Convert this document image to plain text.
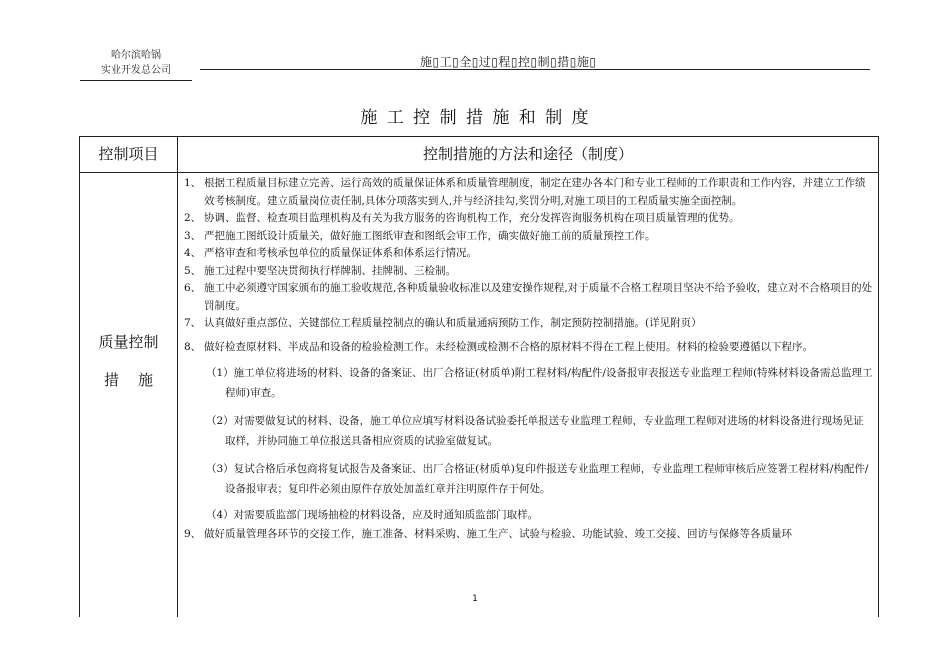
哈尔滨哈锅
实业开发总公司
施▯工▯全▯过▯程▯控▯制▯措▯施▯
施 工 控 制 措 施 和 制 度
控制项目	控制措施的方法和途径（制度）
质量控制
措    施
1、 根据工程质量目标建立完善、运行高效的质量保证体系和质量管理制度，制定在建办各本门和专业工程师的工作职责和工作内容，并建立工作绩效考核制度。建立质量岗位责任制,具体分项落实到人,并与经济挂勾,奖罚分明,对施工项目的工程质量实施全面控制。
2、 协调、监督、检查项目监理机构及有关为我方服务的咨询机构工作，充分发挥咨询服务机构在项目质量管理的优势。
3、 严把施工图纸设计质量关，做好施工图纸审查和图纸会审工作，确实做好施工前的质量预控工作。
4、 严格审查和考核承包单位的质量保证体系和体系运行情况。
5、 施工过程中要坚决贯彻执行样牌制、挂牌制、三检制。
6、 施工中必须遵守国家颁布的施工验收规范,各种质量验收标准以及建安操作规程,对于质量不合格工程项目坚决不给予验收，建立对不合格项目的处罚制度。
7、 认真做好重点部位、关键部位工程质量控制点的确认和质量通病预防工作，制定预防控制措施。(详见附页）
8、 做好检查原材料、半成品和设备的检验检测工作。未经检测或检测不合格的原材料不得在工程上使用。材料的检验要遵循以下程序。
（1）施工单位将进场的材料、设备的备案证、出厂合格证(材质单)附工程材料/构配件/设备报审表报送专业监理工程师(特殊材料设备需总监理工程师)审查。
（2）对需要做复试的材料、设备，施工单位应填写材料设备试验委托单报送专业监理工程师，专业监理工程师对进场的材料设备进行现场见证取样，并协同施工单位报送具备相应资质的试验室做复试。
（3）复试合格后承包商将复试报告及备案证、出厂合格证(材质单)复印件报送专业监理工程师，专业监理工程师审核后应签署工程材料/构配件/设备报审表；复印件必须由原件存放处加盖红章并注明原件存于何处。
（4）对需要质监部门现场抽检的材料设备，应及时通知质监部门取样。
9、 做好质量管理各环节的交接工作，施工准备、材料采购、施工生产、试验与检验、功能试验、竣工交接、回访与保修等各质量环
1
